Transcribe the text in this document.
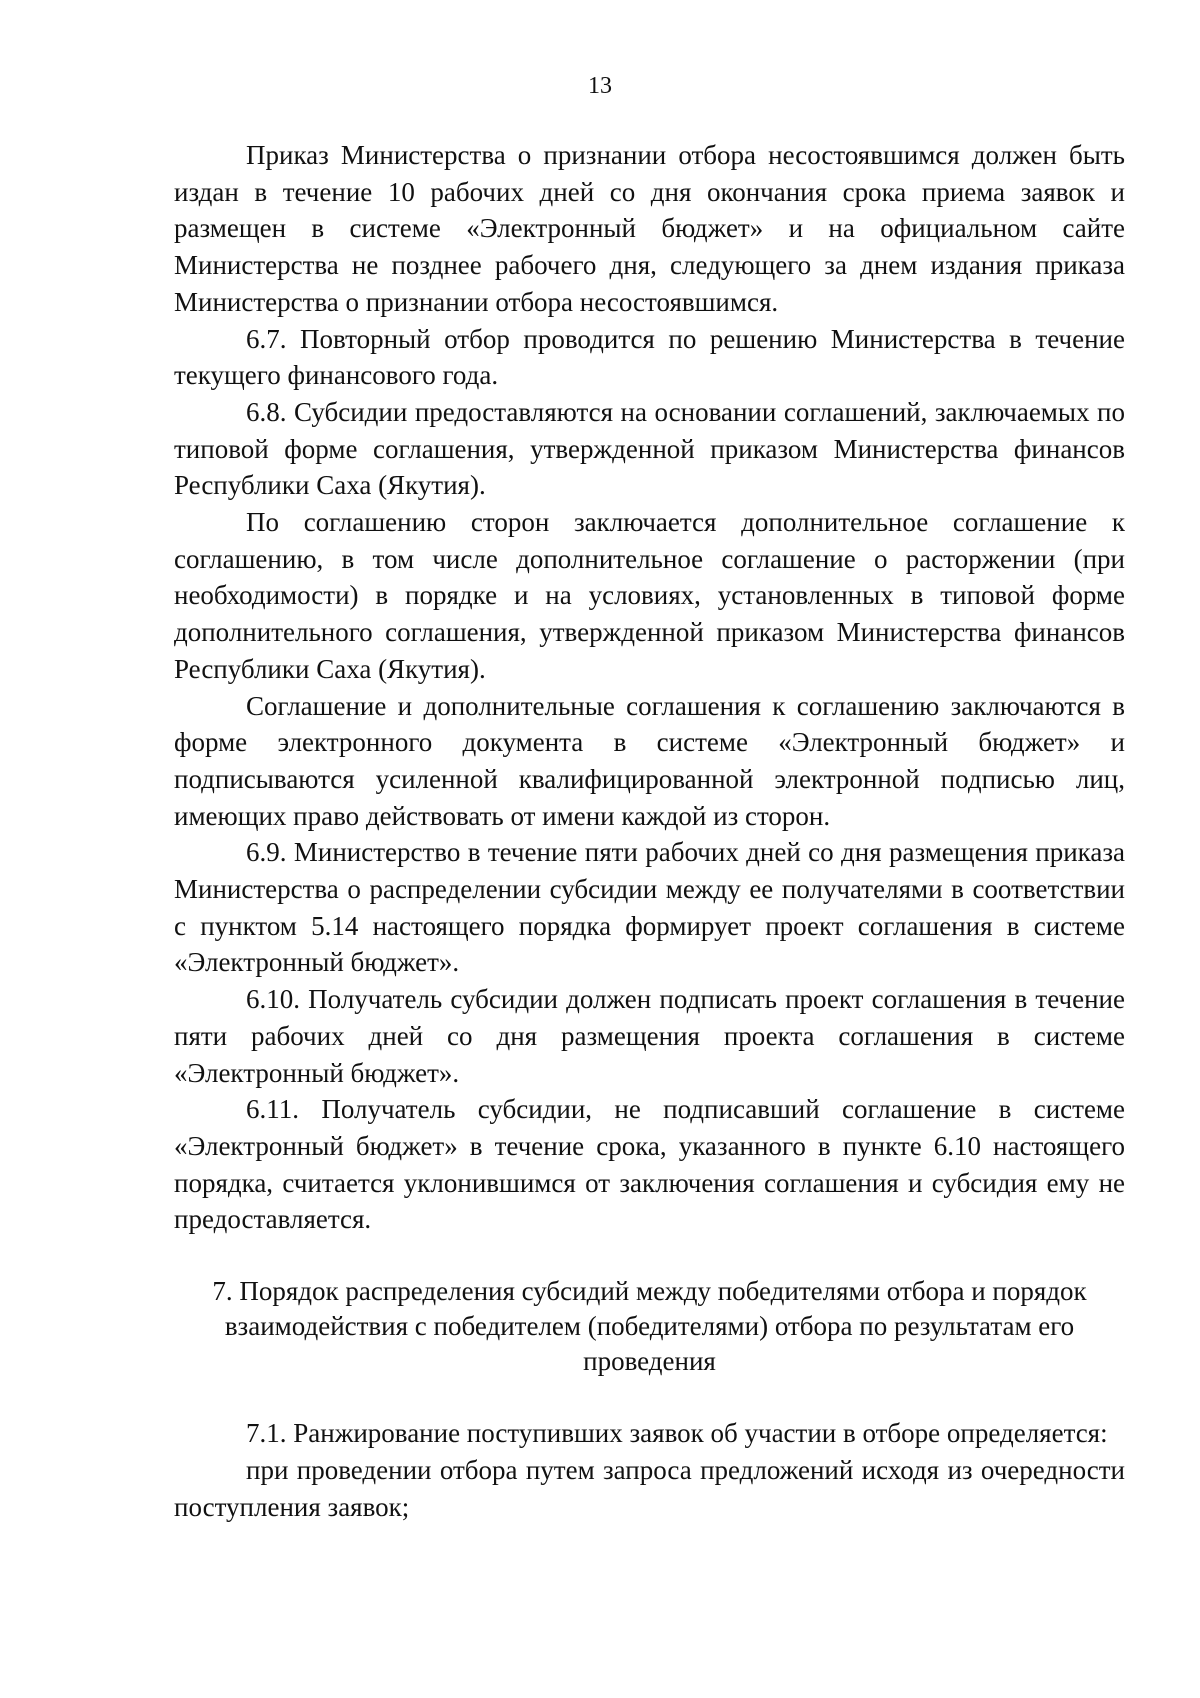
13

Приказ Министерства о признании отбора несостоявшимся должен быть издан в течение 10 рабочих дней со дня окончания срока приема заявок и размещен в системе «Электронный бюджет» и на официальном сайте Министерства не позднее рабочего дня, следующего за днем издания приказа Министерства о признании отбора несостоявшимся.

6.7. Повторный отбор проводится по решению Министерства в течение текущего финансового года.

6.8. Субсидии предоставляются на основании соглашений, заключаемых по типовой форме соглашения, утвержденной приказом Министерства финансов Республики Саха (Якутия).

По соглашению сторон заключается дополнительное соглашение к соглашению, в том числе дополнительное соглашение о расторжении (при необходимости) в порядке и на условиях, установленных в типовой форме дополнительного соглашения, утвержденной приказом Министерства финансов Республики Саха (Якутия).

Соглашение и дополнительные соглашения к соглашению заключаются в форме электронного документа в системе «Электронный бюджет» и подписываются усиленной квалифицированной электронной подписью лиц, имеющих право действовать от имени каждой из сторон.

6.9. Министерство в течение пяти рабочих дней со дня размещения приказа Министерства о распределении субсидии между ее получателями в соответствии с пунктом 5.14 настоящего порядка формирует проект соглашения в системе «Электронный бюджет».

6.10. Получатель субсидии должен подписать проект соглашения в течение пяти рабочих дней со дня размещения проекта соглашения в системе «Электронный бюджет».

6.11. Получатель субсидии, не подписавший соглашение в системе «Электронный бюджет» в течение срока, указанного в пункте 6.10 настоящего порядка, считается уклонившимся от заключения соглашения и субсидия ему не предоставляется.

7. Порядок распределения субсидий между победителями отбора и порядок взаимодействия с победителем (победителями) отбора по результатам его проведения

7.1. Ранжирование поступивших заявок об участии в отборе определяется:

при проведении отбора путем запроса предложений исходя из очередности поступления заявок;
